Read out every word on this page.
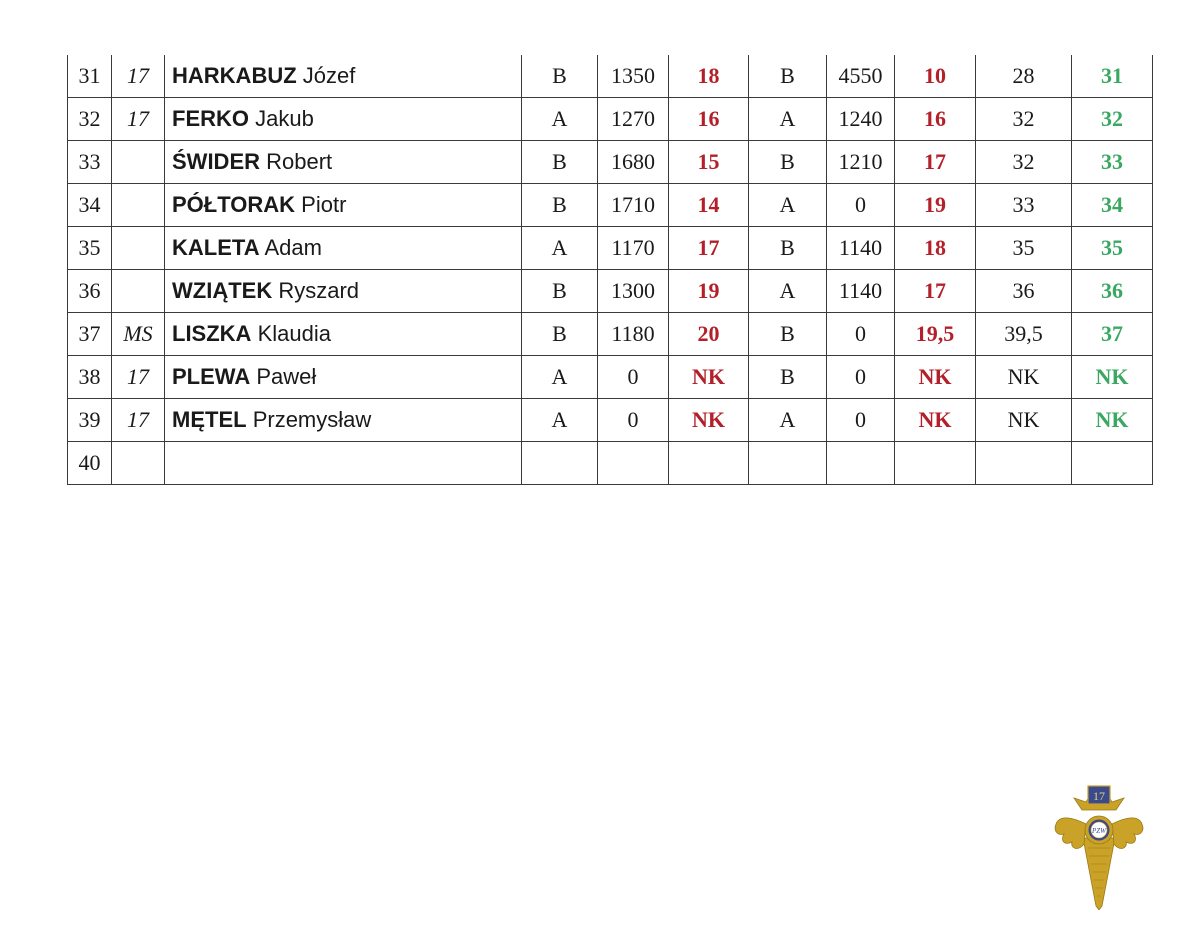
31	17	HARKABUZ Józef	B	1350	18	B	4550	10	28	31
32	17	FERKO Jakub	A	1270	16	A	1240	16	32	32
33		ŚWIDER Robert	B	1680	15	B	1210	17	32	33
34		PÓŁTORAK Piotr	B	1710	14	A	0	19	33	34
35		KALETA Adam	A	1170	17	B	1140	18	35	35
36		WZIĄTEK Ryszard	B	1300	19	A	1140	17	36	36
37	MS	LISZKA Klaudia	B	1180	20	B	0	19,5	39,5	37
38	17	PLEWA Paweł	A	0	NK	B	0	NK	NK	NK
39	17	MĘTEL Przemysław	A	0	NK	A	0	NK	NK	NK
40										
17
PZW
